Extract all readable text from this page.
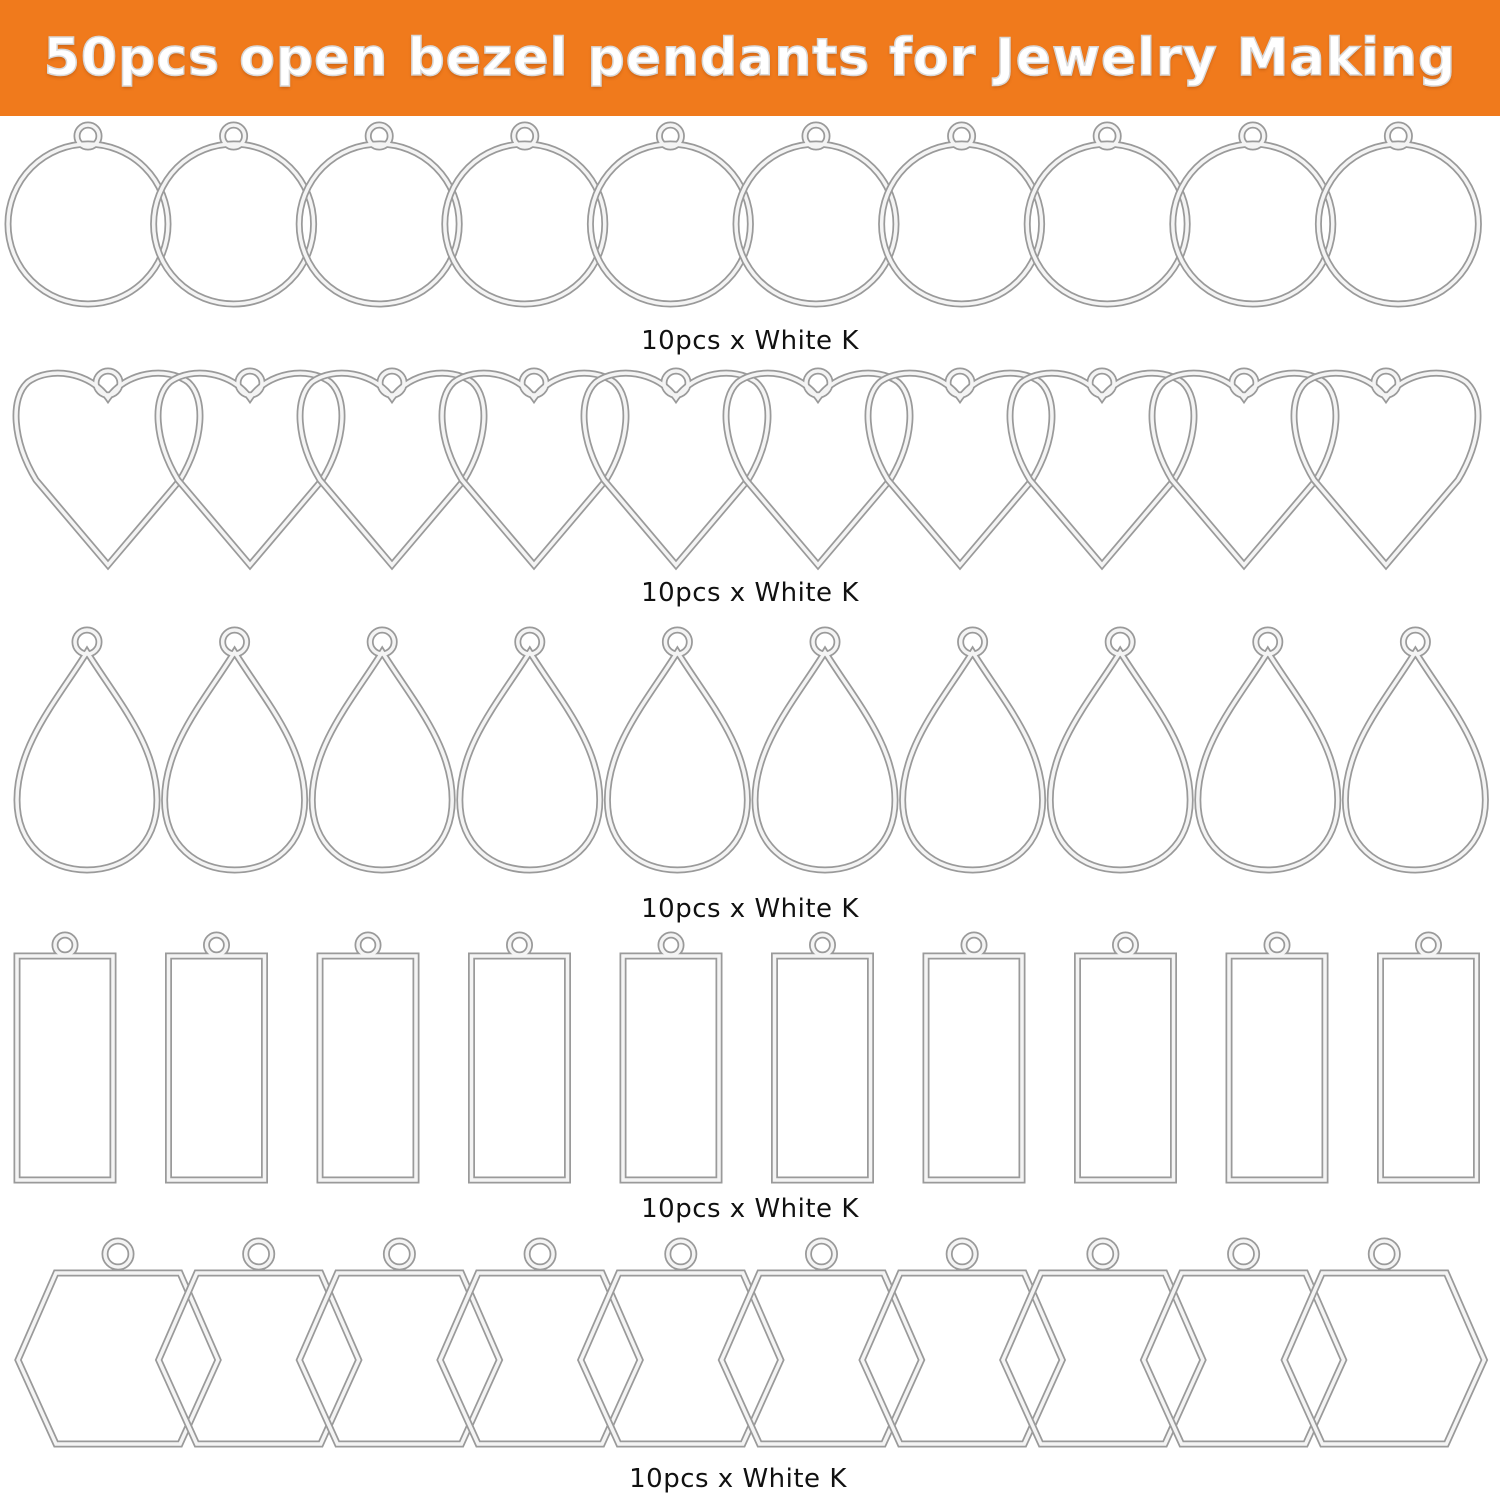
50pcs open bezel pendants for Jewelry Making
10pcs x White K
10pcs x White K
10pcs x White K
10pcs x White K
10pcs x White K
